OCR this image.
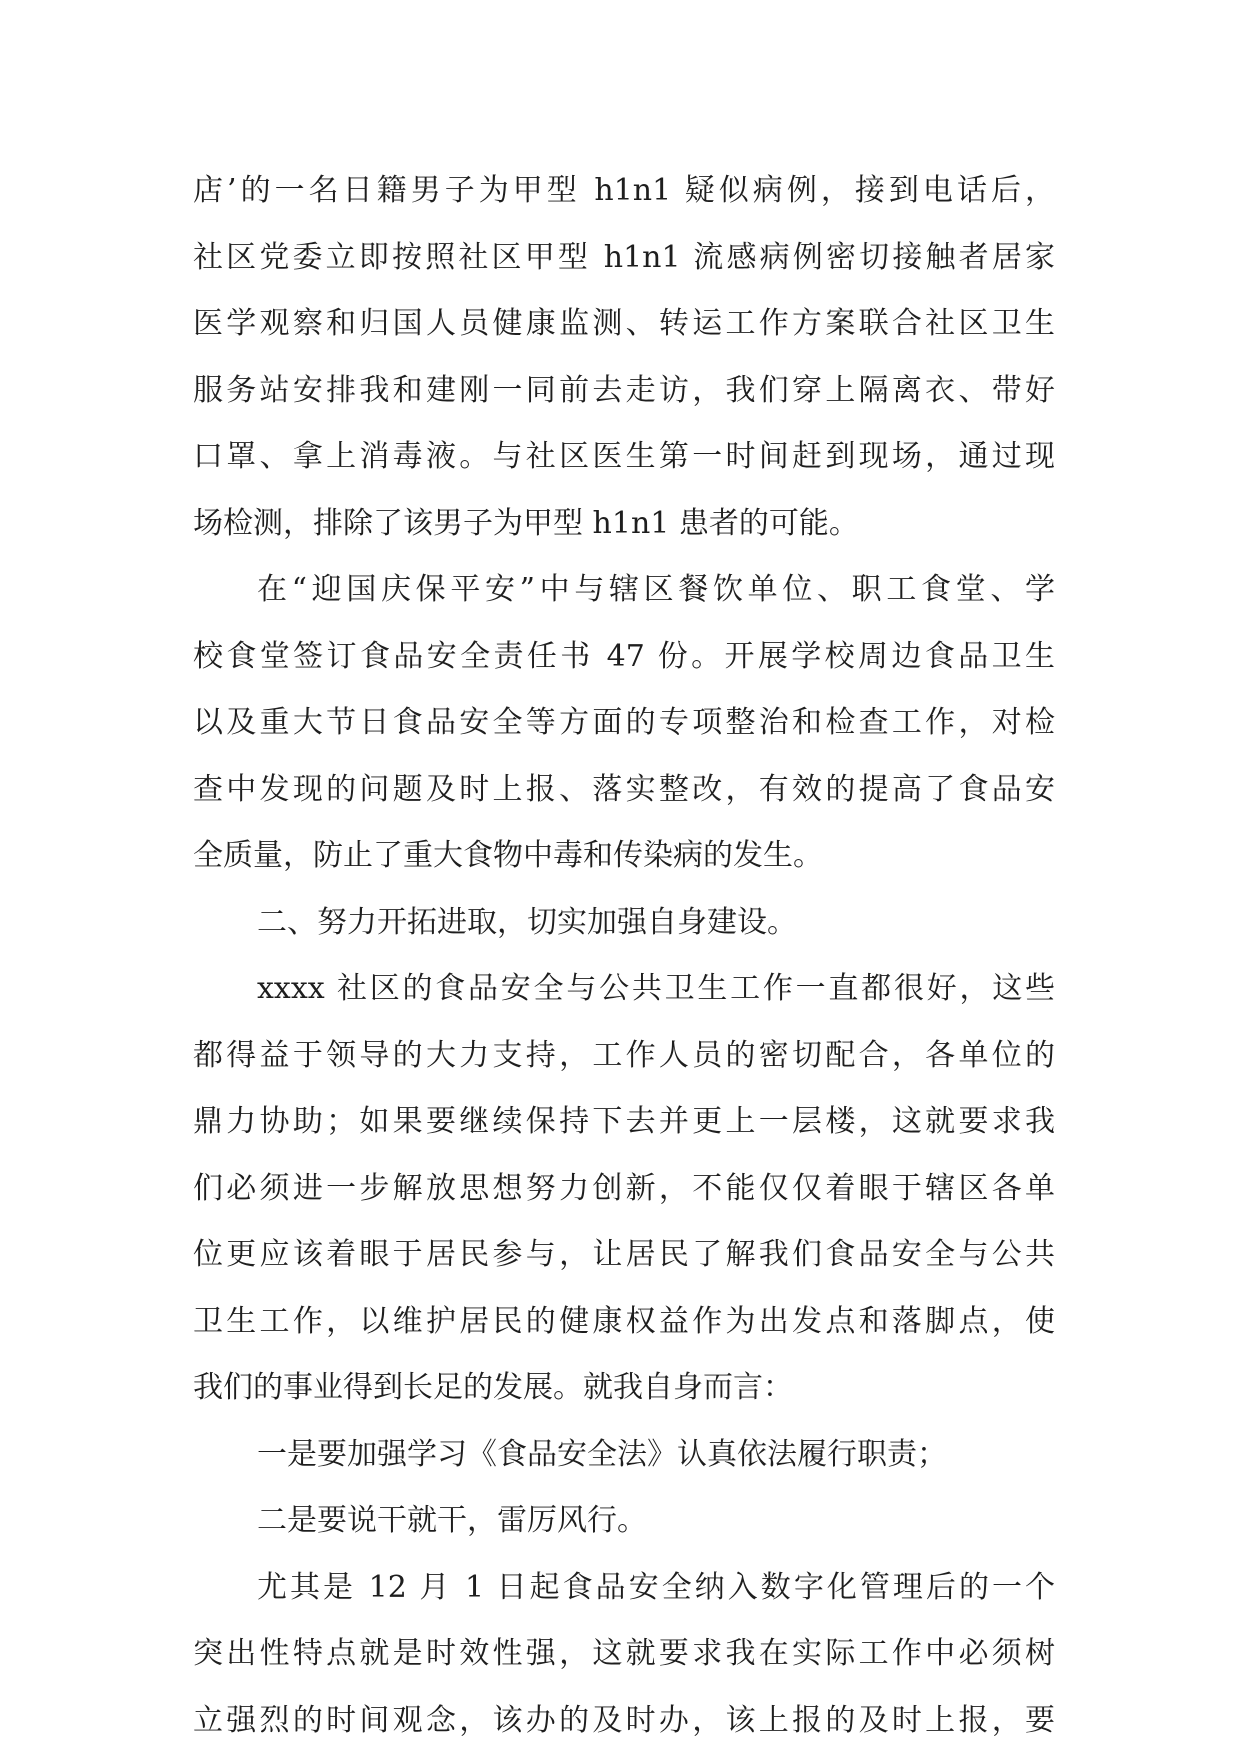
店’的一名日籍男子为甲型 h1n1 疑似病例，接到电话后，
社区党委立即按照社区甲型 h1n1 流感病例密切接触者居家
医学观察和归国人员健康监测、转运工作方案联合社区卫生
服务站安排我和建刚一同前去走访，我们穿上隔离衣、带好
口罩、拿上消毒液。与社区医生第一时间赶到现场，通过现
场检测，排除了该男子为甲型 h1n1 患者的可能。
在“迎国庆保平安”中与辖区餐饮单位、职工食堂、学
校食堂签订食品安全责任书 47 份。开展学校周边食品卫生
以及重大节日食品安全等方面的专项整治和检查工作，对检
查中发现的问题及时上报、落实整改，有效的提高了食品安
全质量，防止了重大食物中毒和传染病的发生。
二、努力开拓进取，切实加强自身建设。
xxxx 社区的食品安全与公共卫生工作一直都很好，这些
都得益于领导的大力支持，工作人员的密切配合，各单位的
鼎力协助；如果要继续保持下去并更上一层楼，这就要求我
们必须进一步解放思想努力创新，不能仅仅着眼于辖区各单
位更应该着眼于居民参与，让居民了解我们食品安全与公共
卫生工作，以维护居民的健康权益作为出发点和落脚点，使
我们的事业得到长足的发展。就我自身而言：
一是要加强学习《食品安全法》认真依法履行职责；
二是要说干就干，雷厉风行。
尤其是 12 月 1 日起食品安全纳入数字化管理后的一个
突出性特点就是时效性强，这就要求我在实际工作中必须树
立强烈的时间观念，该办的及时办，该上报的及时上报，要
